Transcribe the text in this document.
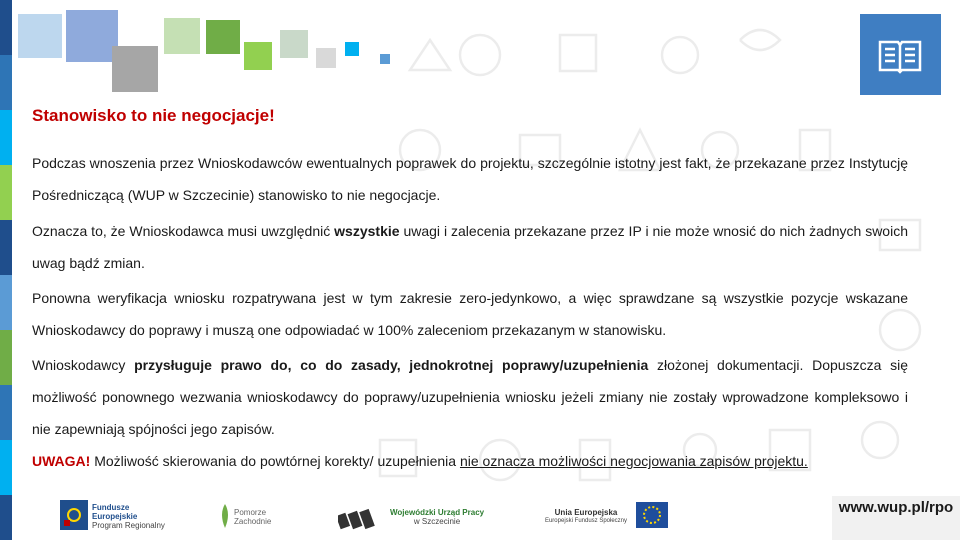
Stanowisko to nie negocjacje!
Podczas wnoszenia przez Wnioskodawców ewentualnych poprawek do projektu, szczególnie istotny jest fakt, że przekazane przez Instytucję Pośredniczącą (WUP w Szczecinie) stanowisko to nie negocjacje.
Oznacza to, że Wnioskodawca musi uwzględnić wszystkie uwagi i zalecenia przekazane przez IP i nie może wnosić do nich żadnych swoich uwag bądź zmian.
Ponowna weryfikacja wniosku rozpatrywana jest w tym zakresie zero-jedynkowo, a więc sprawdzane są wszystkie pozycje wskazane Wnioskodawcy do poprawy i muszą one odpowiadać w 100% zaleceniom przekazanym w stanowisku.
Wnioskodawcy przysługuje prawo do, co do zasady, jednokrotnej poprawy/uzupełnienia złożonej dokumentacji. Dopuszcza się możliwość ponownego wezwania wnioskodawcy do poprawy/uzupełnienia wniosku jeżeli zmiany nie zostały wprowadzone kompleksowo i nie zapewniają spójności jego zapisów.
UWAGA! Możliwość skierowania do powtórnej korekty/ uzupełnienia nie oznacza możliwości negocjowania zapisów projektu.
Fundusze
Europejskie
Program Regionalny
Pomorze
Zachodnie
Wojewódzki Urząd Pracy
w Szczecinie
Unia Europejska
Europejski Fundusz Społeczny
www.wup.pl/rpo
